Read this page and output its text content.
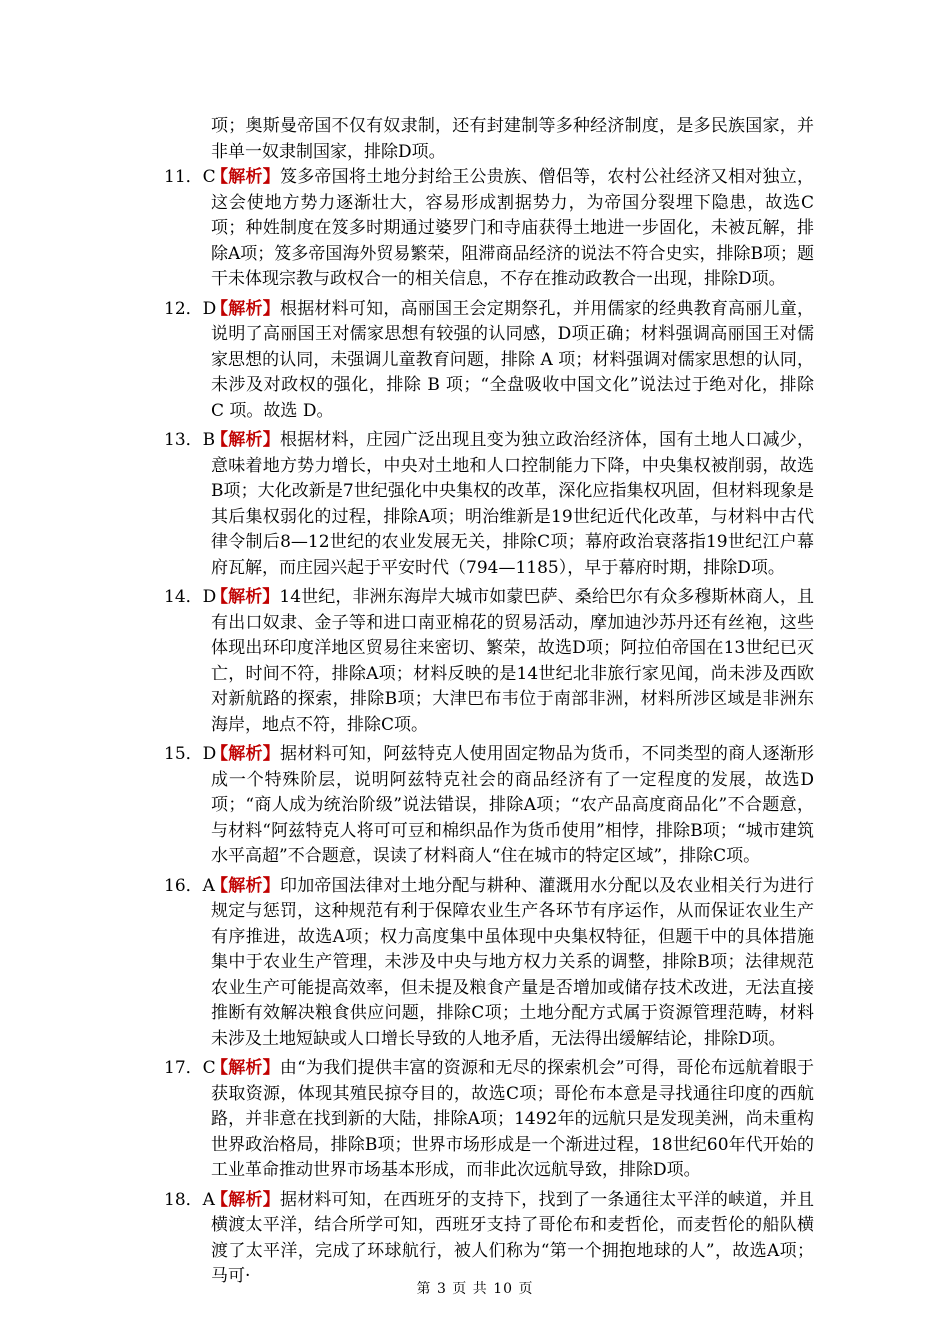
项；奥斯曼帝国不仅有奴隶制，还有封建制等多种经济制度，是多民族国家，并非单一奴隶制国家，排除D项。

11．C
【解析】笈多帝国将土地分封给王公贵族、僧侣等，农村公社经济又相对独立，这会使地方势力逐渐壮大，容易形成割据势力，为帝国分裂埋下隐患，故选C项；种姓制度在笈多时期通过婆罗门和寺庙获得土地进一步固化，未被瓦解，排除A项；笈多帝国海外贸易繁荣，阻滞商品经济的说法不符合史实，排除B项；题干未体现宗教与政权合一的相关信息，不存在推动政教合一出现，排除D项。
12．D
【解析】根据材料可知，高丽国王会定期祭孔，并用儒家的经典教育高丽儿童，说明了高丽国王对儒家思想有较强的认同感，D项正确；材料强调高丽国王对儒家思想的认同，未强调儿童教育问题，排除 A 项；材料强调对儒家思想的认同，未涉及对政权的强化，排除 B 项；“全盘吸收中国文化”说法过于绝对化，排除 C 项。故选 D。
13．B
【解析】根据材料，庄园广泛出现且变为独立政治经济体，国有土地人口减少，意味着地方势力增长，中央对土地和人口控制能力下降，中央集权被削弱，故选B项；大化改新是7世纪强化中央集权的改革，深化应指集权巩固，但材料现象是其后集权弱化的过程，排除A项；明治维新是19世纪近代化改革，与材料中古代律令制后8—12世纪的农业发展无关，排除C项；幕府政治衰落指19世纪江户幕府瓦解，而庄园兴起于平安时代（794—1185），早于幕府时期，排除D项。
14．D
【解析】14世纪，非洲东海岸大城市如蒙巴萨、桑给巴尔有众多穆斯林商人，且有出口奴隶、金子等和进口南亚棉花的贸易活动，摩加迪沙苏丹还有丝袍，这些体现出环印度洋地区贸易往来密切、繁荣，故选D项；阿拉伯帝国在13世纪已灭亡，时间不符，排除A项；材料反映的是14世纪北非旅行家见闻，尚未涉及西欧对新航路的探索，排除B项；大津巴布韦位于南部非洲，材料所涉区域是非洲东海岸，地点不符，排除C项。
15．D
【解析】据材料可知，阿兹特克人使用固定物品为货币，不同类型的商人逐渐形成一个特殊阶层，说明阿兹特克社会的商品经济有了一定程度的发展，故选D项；“商人成为统治阶级”说法错误，排除A项；“农产品高度商品化”不合题意，与材料“阿兹特克人将可可豆和棉织品作为货币使用”相悖，排除B项；“城市建筑水平高超”不合题意，误读了材料商人“住在城市的特定区域”，排除C项。
16．A
【解析】印加帝国法律对土地分配与耕种、灌溉用水分配以及农业相关行为进行规定与惩罚，这种规范有利于保障农业生产各环节有序运作，从而保证农业生产有序推进，故选A项；权力高度集中虽体现中央集权特征，但题干中的具体措施集中于农业生产管理，未涉及中央与地方权力关系的调整，排除B项；法律规范农业生产可能提高效率，但未提及粮食产量是否增加或储存技术改进，无法直接推断有效解决粮食供应问题，排除C项；土地分配方式属于资源管理范畴，材料未涉及土地短缺或人口增长导致的人地矛盾，无法得出缓解结论，排除D项。
17．C
【解析】由“为我们提供丰富的资源和无尽的探索机会”可得，哥伦布远航着眼于获取资源，体现其殖民掠夺目的，故选C项；哥伦布本意是寻找通往印度的西航路，并非意在找到新的大陆，排除A项；1492年的远航只是发现美洲，尚未重构世界政治格局，排除B项；世界市场形成是一个渐进过程，18世纪60年代开始的工业革命推动世界市场基本形成，而非此次远航导致，排除D项。
18．A
【解析】据材料可知，在西班牙的支持下，找到了一条通往太平洋的峡道，并且横渡太平洋，结合所学可知，西班牙支持了哥伦布和麦哲伦，而麦哲伦的船队横渡了太平洋，完成了环球航行，被人们称为“第一个拥抱地球的人”，故选A项；马可·
第 3 页 共 10 页
